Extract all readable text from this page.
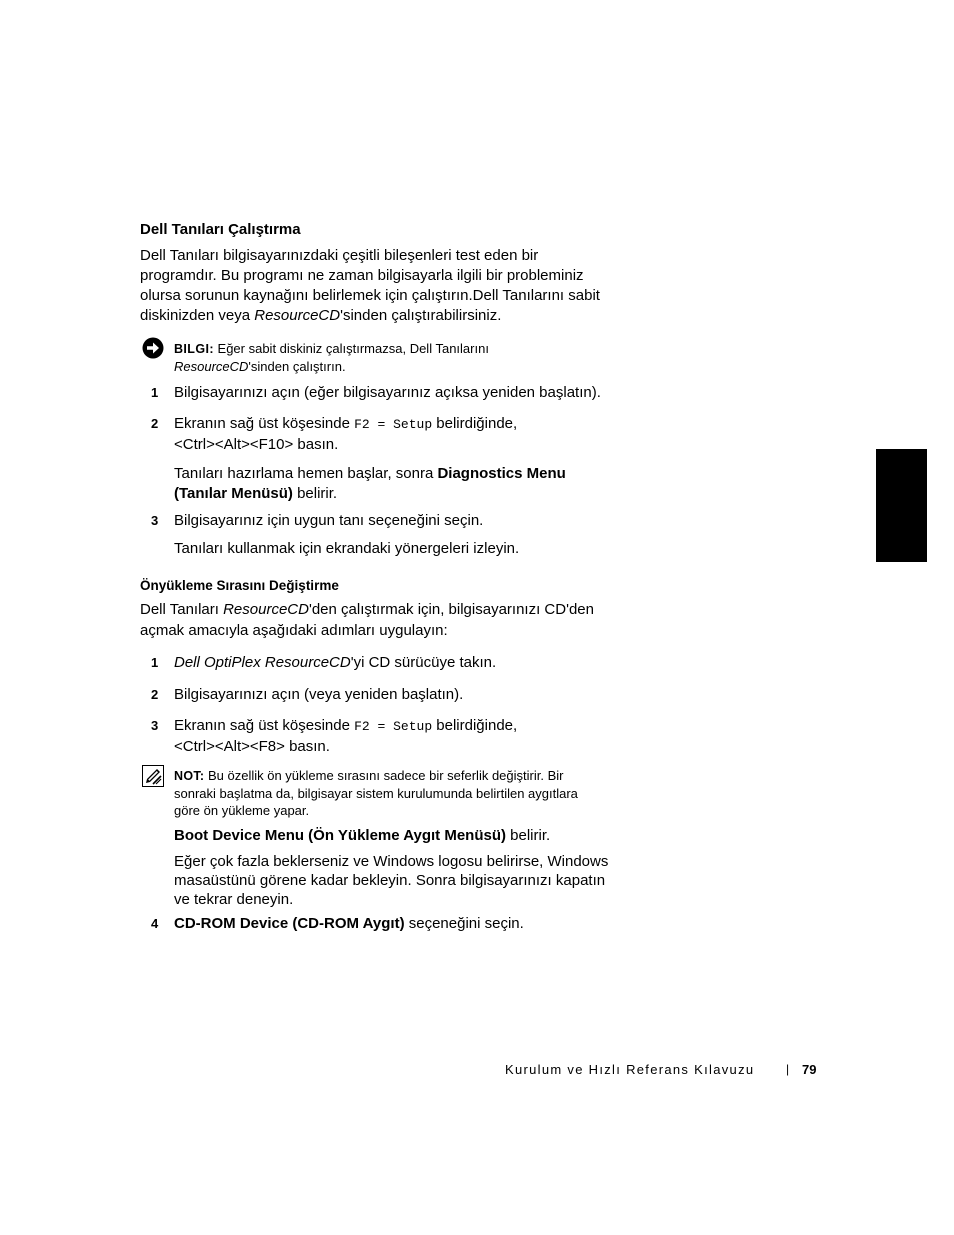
Dell Tanıları Çalıştırma
Dell Tanıları bilgisayarınızdaki çeşitli bileşenleri test eden bir
programdır. Bu programı ne zaman bilgisayarla ilgili bir probleminiz
olursa sorunun kaynağını belirlemek için çalıştırın.Dell Tanılarını sabit
diskinizden veya ResourceCD'sinden çalıştırabilirsiniz.
BILGI: Eğer sabit diskiniz çalıştırmazsa, Dell Tanılarını
ResourceCD'sinden çalıştırın.
1	Bilgisayarınızı açın (eğer bilgisayarınız açıksa yeniden başlatın).
2	Ekranın sağ üst köşesinde F2 = Setup belirdiğinde,
<Ctrl><Alt><F10> basın.
Tanıları hazırlama hemen başlar, sonra Diagnostics Menu
(Tanılar Menüsü) belirir.
3	Bilgisayarınız için uygun tanı seçeneğini seçin.
Tanıları kullanmak için ekrandaki yönergeleri izleyin.
Önyükleme Sırasını Değiştirme
Dell Tanıları ResourceCD'den çalıştırmak için, bilgisayarınızı CD'den
açmak amacıyla aşağıdaki adımları uygulayın:
1	Dell OptiPlex ResourceCD'yi CD sürücüye takın.
2	Bilgisayarınızı açın (veya yeniden başlatın).
3	Ekranın sağ üst köşesinde F2 = Setup belirdiğinde,
<Ctrl><Alt><F8> basın.
NOT: Bu özellik ön yükleme sırasını sadece bir seferlik değiştirir. Bir
sonraki başlatma da, bilgisayar sistem kurulumunda belirtilen aygıtlara
göre ön yükleme yapar.
Boot Device Menu (Ön Yükleme Aygıt Menüsü) belirir.
Eğer çok fazla beklerseniz ve Windows logosu belirirse, Windows
masaüstünü görene kadar bekleyin. Sonra bilgisayarınızı kapatın
ve tekrar deneyin.
4	CD-ROM Device (CD-ROM Aygıt) seçeneğini seçin.
Kurulum ve Hızlı Referans Kılavuzu	| 79
